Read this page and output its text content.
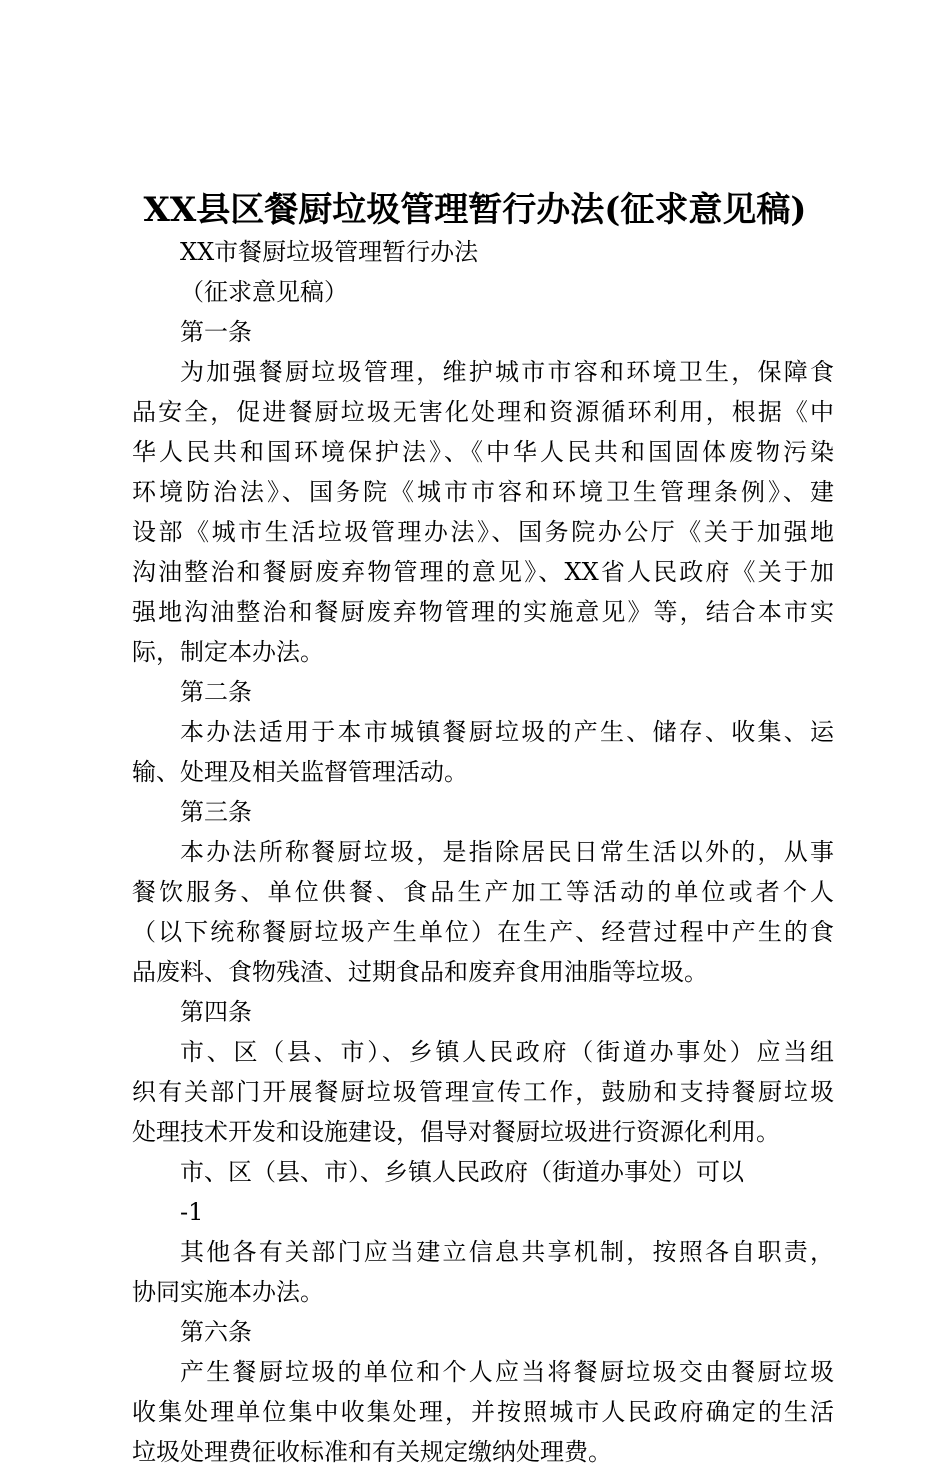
XX县区餐厨垃圾管理暂行办法(征求意见稿)
XX市餐厨垃圾管理暂行办法
（征求意见稿）
第一条
为加强餐厨垃圾管理，维护城市市容和环境卫生，保障食
品安全，促进餐厨垃圾无害化处理和资源循环利用，根据《中
华人民共和国环境保护法》、《中华人民共和国固体废物污染
环境防治法》、国务院《城市市容和环境卫生管理条例》、建
设部《城市生活垃圾管理办法》、国务院办公厅《关于加强地
沟油整治和餐厨废弃物管理的意见》、XX省人民政府《关于加
强地沟油整治和餐厨废弃物管理的实施意见》等，结合本市实
际，制定本办法。
第二条
本办法适用于本市城镇餐厨垃圾的产生、储存、收集、运
输、处理及相关监督管理活动。
第三条
本办法所称餐厨垃圾，是指除居民日常生活以外的，从事
餐饮服务、单位供餐、食品生产加工等活动的单位或者个人
（以下统称餐厨垃圾产生单位）在生产、经营过程中产生的食
品废料、食物残渣、过期食品和废弃食用油脂等垃圾。
第四条
市、区（县、市）、乡镇人民政府（街道办事处）应当组
织有关部门开展餐厨垃圾管理宣传工作，鼓励和支持餐厨垃圾
处理技术开发和设施建设，倡导对餐厨垃圾进行资源化利用。
市、区（县、市）、乡镇人民政府（街道办事处）可以
-1
其他各有关部门应当建立信息共享机制，按照各自职责，
协同实施本办法。
第六条
产生餐厨垃圾的单位和个人应当将餐厨垃圾交由餐厨垃圾
收集处理单位集中收集处理，并按照城市人民政府确定的生活
垃圾处理费征收标准和有关规定缴纳处理费。
